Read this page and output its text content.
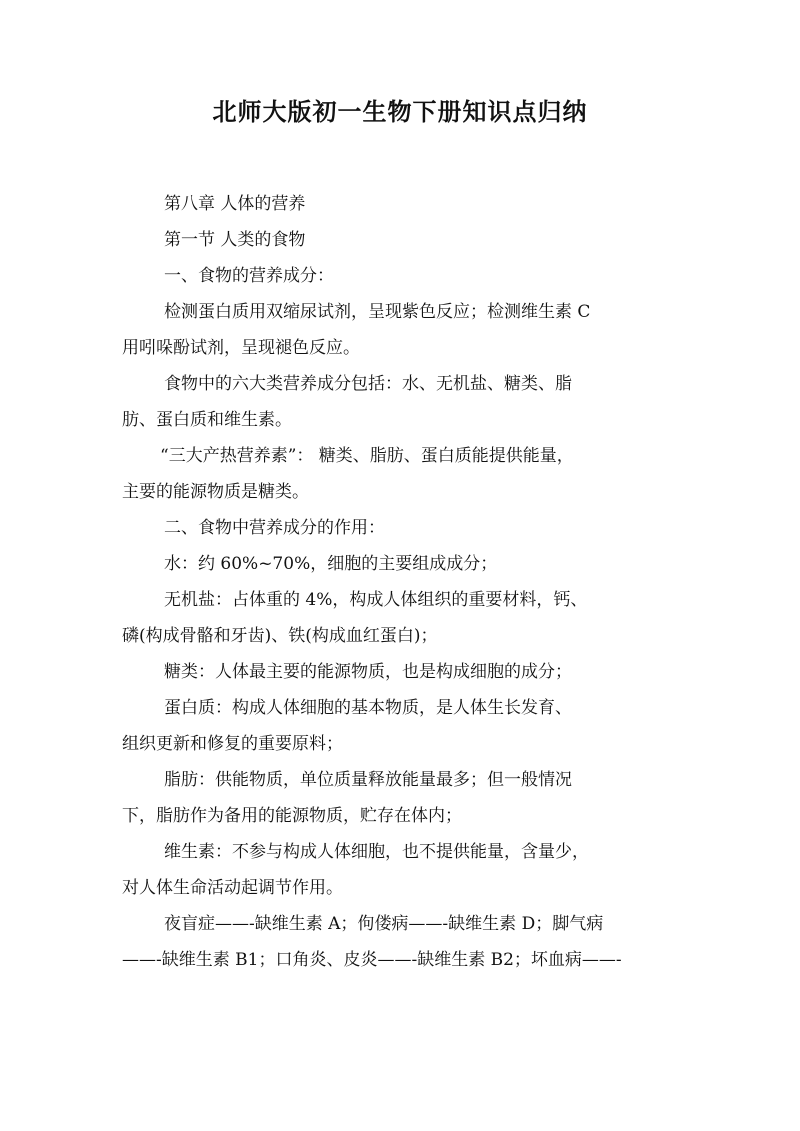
北师大版初一生物下册知识点归纳
第八章 人体的营养
第一节 人类的食物
一、食物的营养成分：
检测蛋白质用双缩尿试剂，呈现紫色反应；检测维生素 C
用吲哚酚试剂，呈现褪色反应。
食物中的六大类营养成分包括：水、无机盐、糖类、脂
肪、蛋白质和维生素。
“三大产热营养素”： 糖类、脂肪、蛋白质能提供能量，
主要的能源物质是糖类。
二、食物中营养成分的作用：
水：约 60%~70%，细胞的主要组成成分；
无机盐：占体重的 4%，构成人体组织的重要材料，钙、
磷(构成骨骼和牙齿)、铁(构成血红蛋白)；
糖类：人体最主要的能源物质，也是构成细胞的成分；
蛋白质：构成人体细胞的基本物质，是人体生长发育、
组织更新和修复的重要原料；
脂肪：供能物质，单位质量释放能量最多；但一般情况
下，脂肪作为备用的能源物质，贮存在体内；
维生素：不参与构成人体细胞，也不提供能量，含量少，
对人体生命活动起调节作用。
夜盲症——-缺维生素 A；佝偻病——-缺维生素 D；脚气病
——-缺维生素 B1；口角炎、皮炎——-缺维生素 B2；坏血病——-
